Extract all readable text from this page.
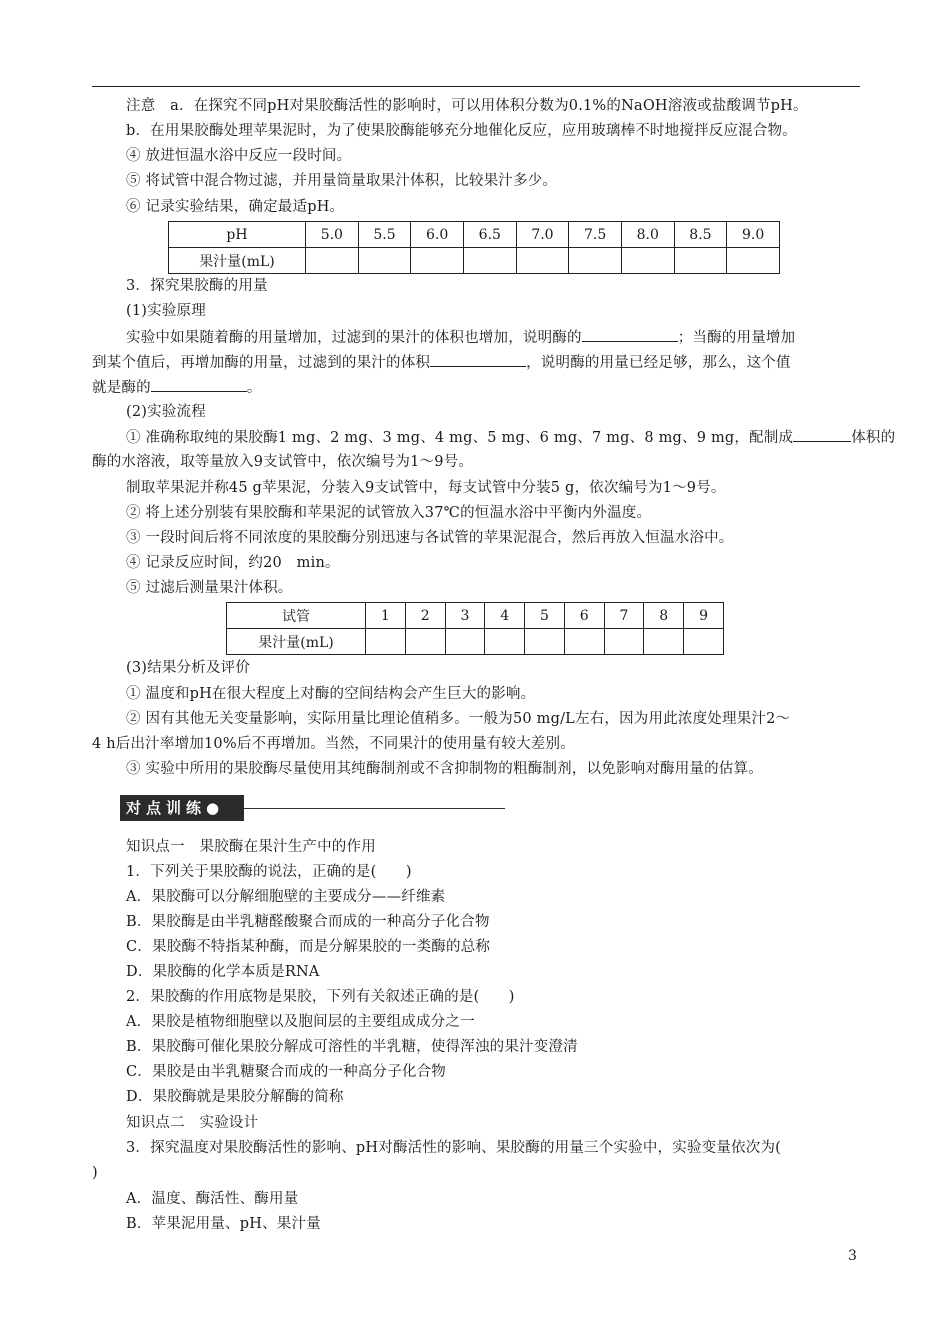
注意　a．在探究不同pH对果胶酶活性的影响时，可以用体积分数为0.1%的NaOH溶液或盐酸调节pH。
b．在用果胶酶处理苹果泥时，为了使果胶酶能够充分地催化反应，应用玻璃棒不时地搅拌反应混合物。
④ 放进恒温水浴中反应一段时间。
⑤ 将试管中混合物过滤，并用量筒量取果汁体积，比较果汁多少。
⑥ 记录实验结果，确定最适pH。
pH	5.0	5.5	6.0	6.5	7.0	7.5	8.0	8.5	9.0
果汁量(mL)									
3．探究果胶酶的用量
(1)实验原理
实验中如果随着酶的用量增加，过滤到的果汁的体积也增加，说明酶的	；当酶的用量增加
到某个值后，再增加酶的用量，过滤到的果汁的体积	，说明酶的用量已经足够，那么，这个值
就是酶的	。
(2)实验流程
① 准确称取纯的果胶酶1 mg、2 mg、3 mg、4 mg、5 mg、6 mg、7 mg、8 mg、9 mg，配制成	体积的
酶的水溶液，取等量放入9支试管中，依次编号为1～9号。
制取苹果泥并称45 g苹果泥，分装入9支试管中，每支试管中分装5 g，依次编号为1～9号。
② 将上述分别装有果胶酶和苹果泥的试管放入37℃的恒温水浴中平衡内外温度。
③ 一段时间后将不同浓度的果胶酶分别迅速与各试管的苹果泥混合，然后再放入恒温水浴中。
④ 记录反应时间，约20　min。
⑤ 过滤后测量果汁体积。
试管	1	2	3	4	5	6	7	8	9
果汁量(mL)									
(3)结果分析及评价
① 温度和pH在很大程度上对酶的空间结构会产生巨大的影响。
② 因有其他无关变量影响，实际用量比理论值稍多。一般为50 mg/L左右，因为用此浓度处理果汁2～
4 h后出汁率增加10%后不再增加。当然，不同果汁的使用量有较大差别。
③ 实验中所用的果胶酶尽量使用其纯酶制剂或不含抑制物的粗酶制剂，以免影响对酶用量的估算。
对点训练●
知识点一　果胶酶在果汁生产中的作用
1．下列关于果胶酶的说法，正确的是(　　)
A．果胶酶可以分解细胞壁的主要成分——纤维素
B．果胶酶是由半乳糖醛酸聚合而成的一种高分子化合物
C．果胶酶不特指某种酶，而是分解果胶的一类酶的总称
D．果胶酶的化学本质是RNA
2．果胶酶的作用底物是果胶，下列有关叙述正确的是(　　)
A．果胶是植物细胞壁以及胞间层的主要组成成分之一
B．果胶酶可催化果胶分解成可溶性的半乳糖，使得浑浊的果汁变澄清
C．果胶是由半乳糖聚合而成的一种高分子化合物
D．果胶酶就是果胶分解酶的简称
知识点二　实验设计
3．探究温度对果胶酶活性的影响、pH对酶活性的影响、果胶酶的用量三个实验中，实验变量依次为(
)
A．温度、酶活性、酶用量
B．苹果泥用量、pH、果汁量
3
